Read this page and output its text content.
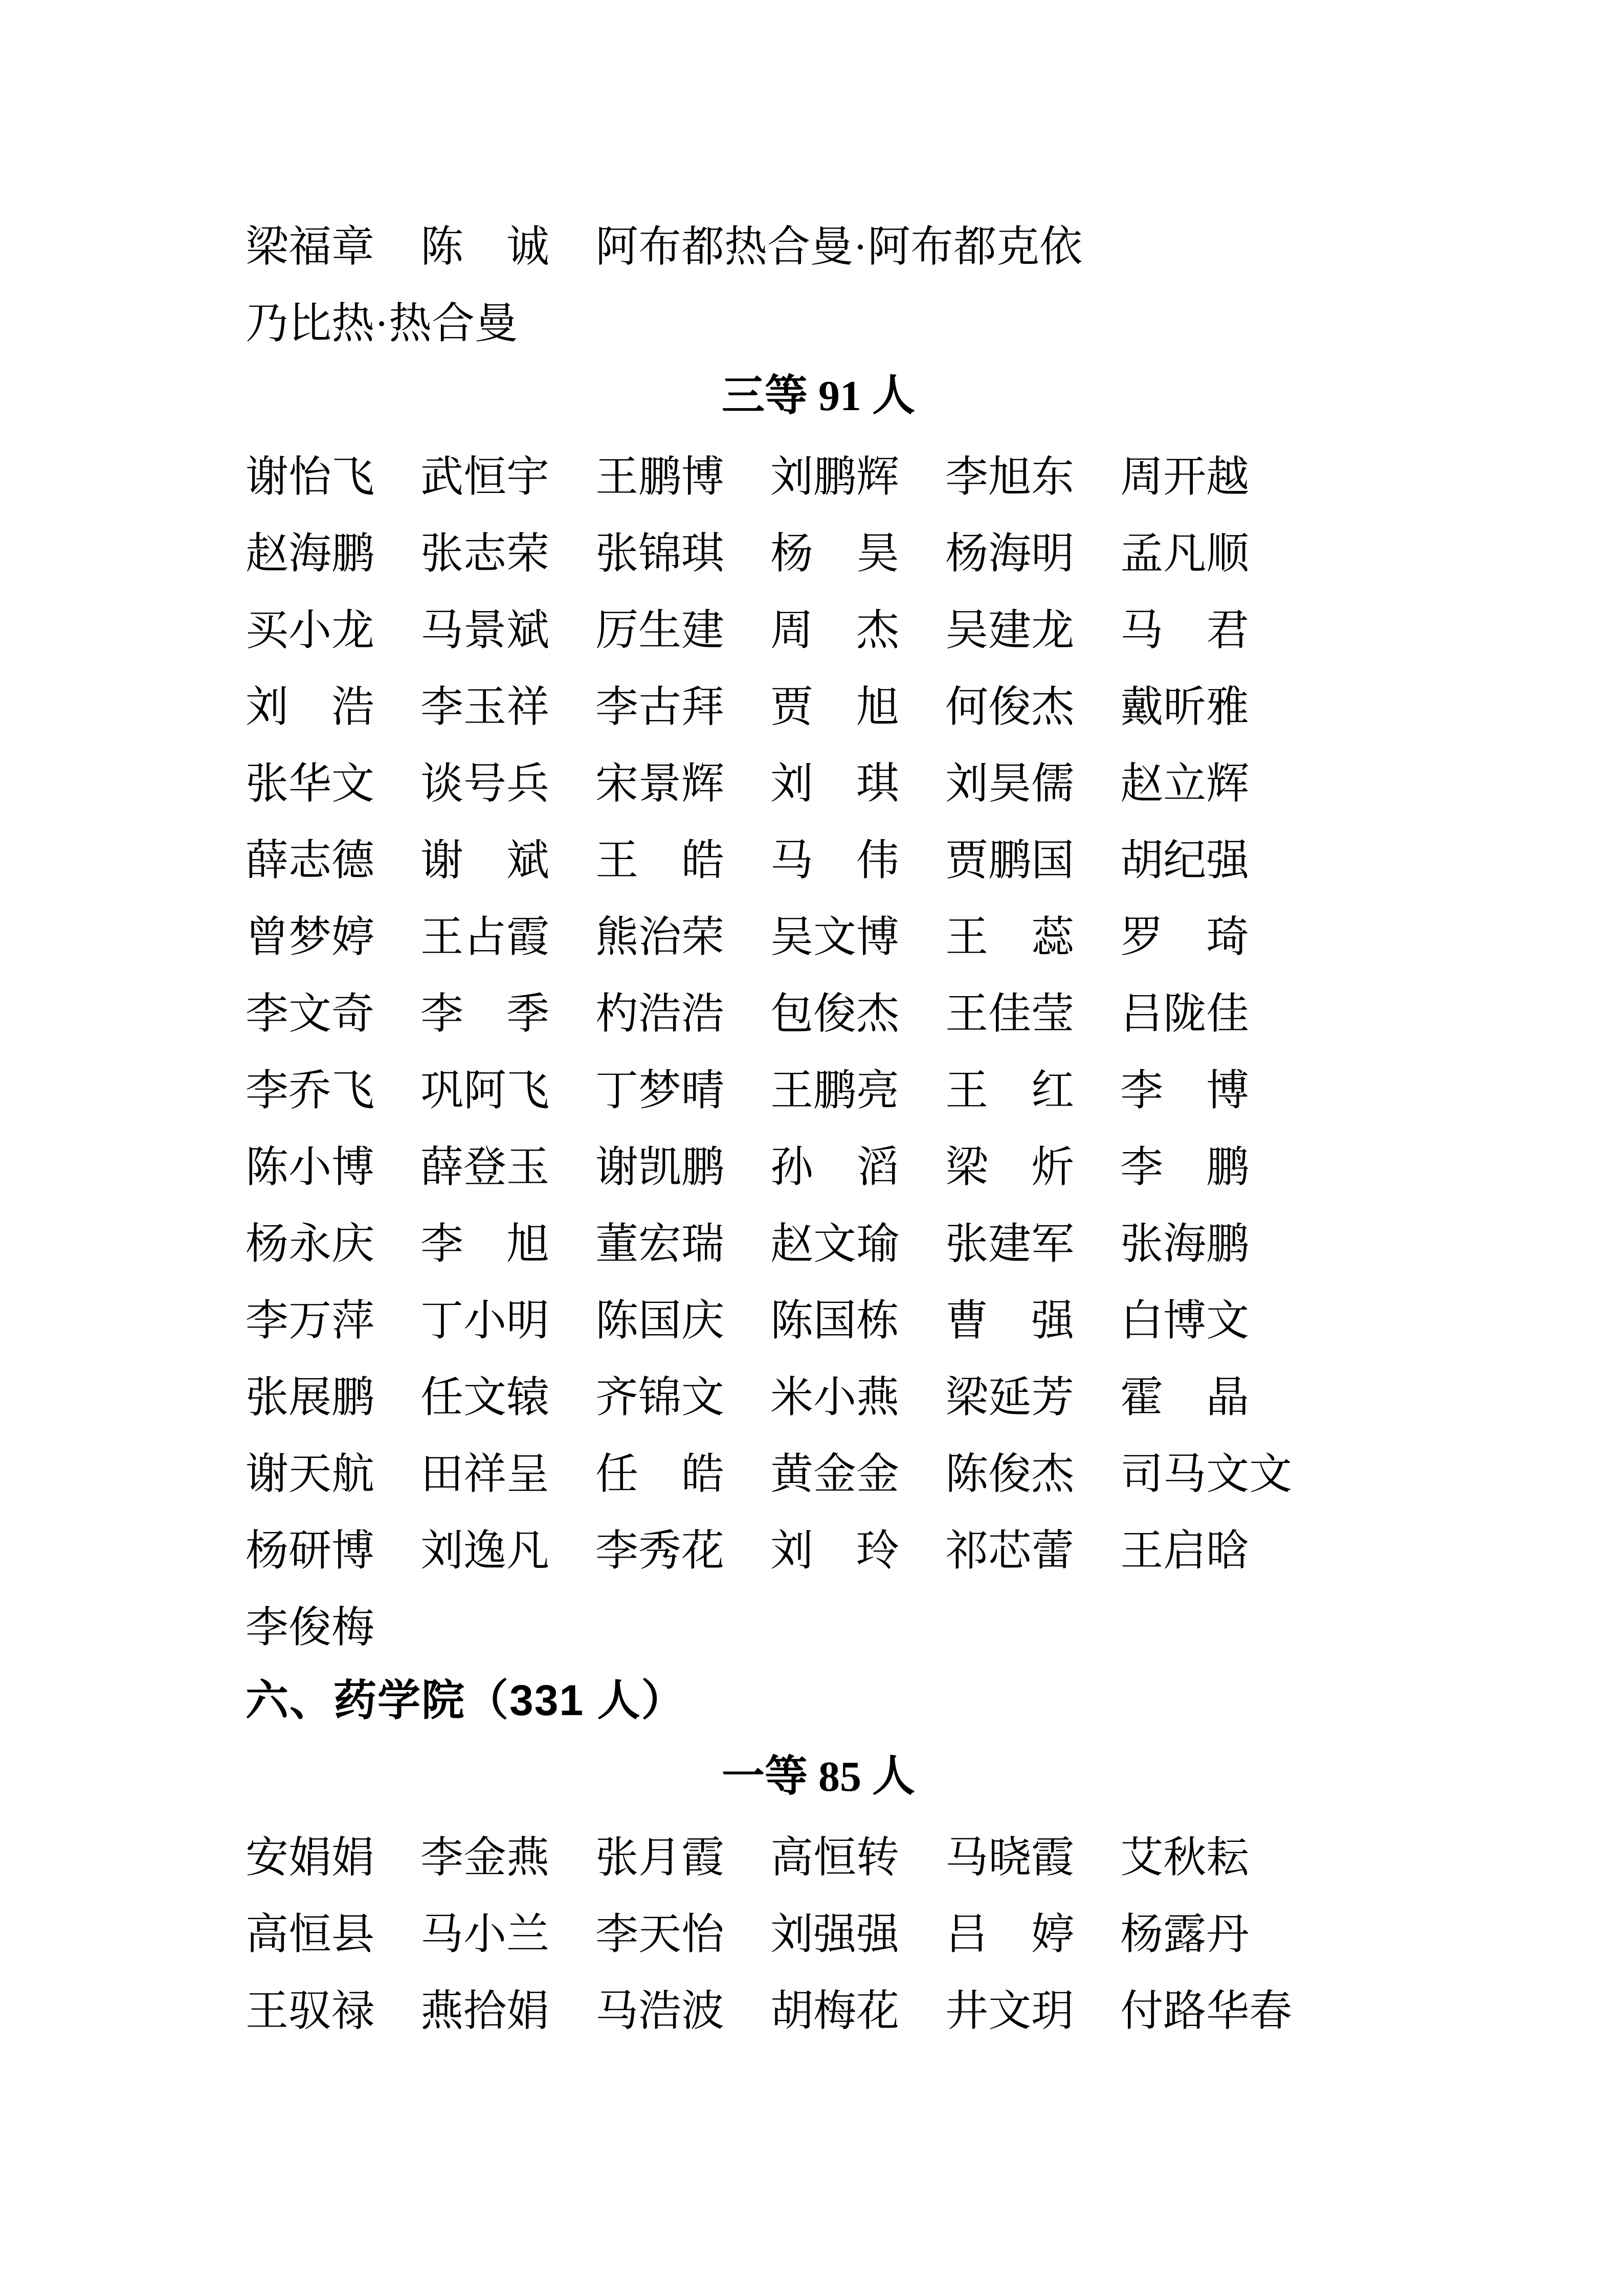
梁福章 陈　诚 阿布都热合曼·阿布都克依
乃比热·热合曼
三等 91 人
谢怡飞 武恒宇 王鹏博 刘鹏辉 李旭东 周开越
赵海鹏 张志荣 张锦琪 杨　昊 杨海明 孟凡顺
买小龙 马景斌 厉生建 周　杰 吴建龙 马　君
刘　浩 李玉祥 李古拜 贾　旭 何俊杰 戴昕雅
张华文 谈号兵 宋景辉 刘　琪 刘昊儒 赵立辉
薛志德 谢　斌 王　皓 马　伟 贾鹏国 胡纪强
曾梦婷 王占霞 熊治荣 吴文博 王　蕊 罗　琦
李文奇 李　季 杓浩浩 包俊杰 王佳莹 吕陇佳
李乔飞 巩阿飞 丁梦晴 王鹏亮 王　红 李　博
陈小博 薛登玉 谢凯鹏 孙　滔 梁　炘 李　鹏
杨永庆 李　旭 董宏瑞 赵文瑜 张建军 张海鹏
李万萍 丁小明 陈国庆 陈国栋 曹　强 白博文
张展鹏 任文辕 齐锦文 米小燕 梁延芳 霍　晶
谢天航 田祥呈 任　皓 黄金金 陈俊杰 司马文文
杨研博 刘逸凡 李秀花 刘　玲 祁芯蕾 王启晗
李俊梅
六、药学院（331 人）
一等 85 人
安娟娟 李金燕 张月霞 高恒转 马晓霞 艾秋耘
高恒县 马小兰 李天怡 刘强强 吕　婷 杨露丹
王驭禄 燕拾娟 马浩波 胡梅花 井文玥 付路华春
